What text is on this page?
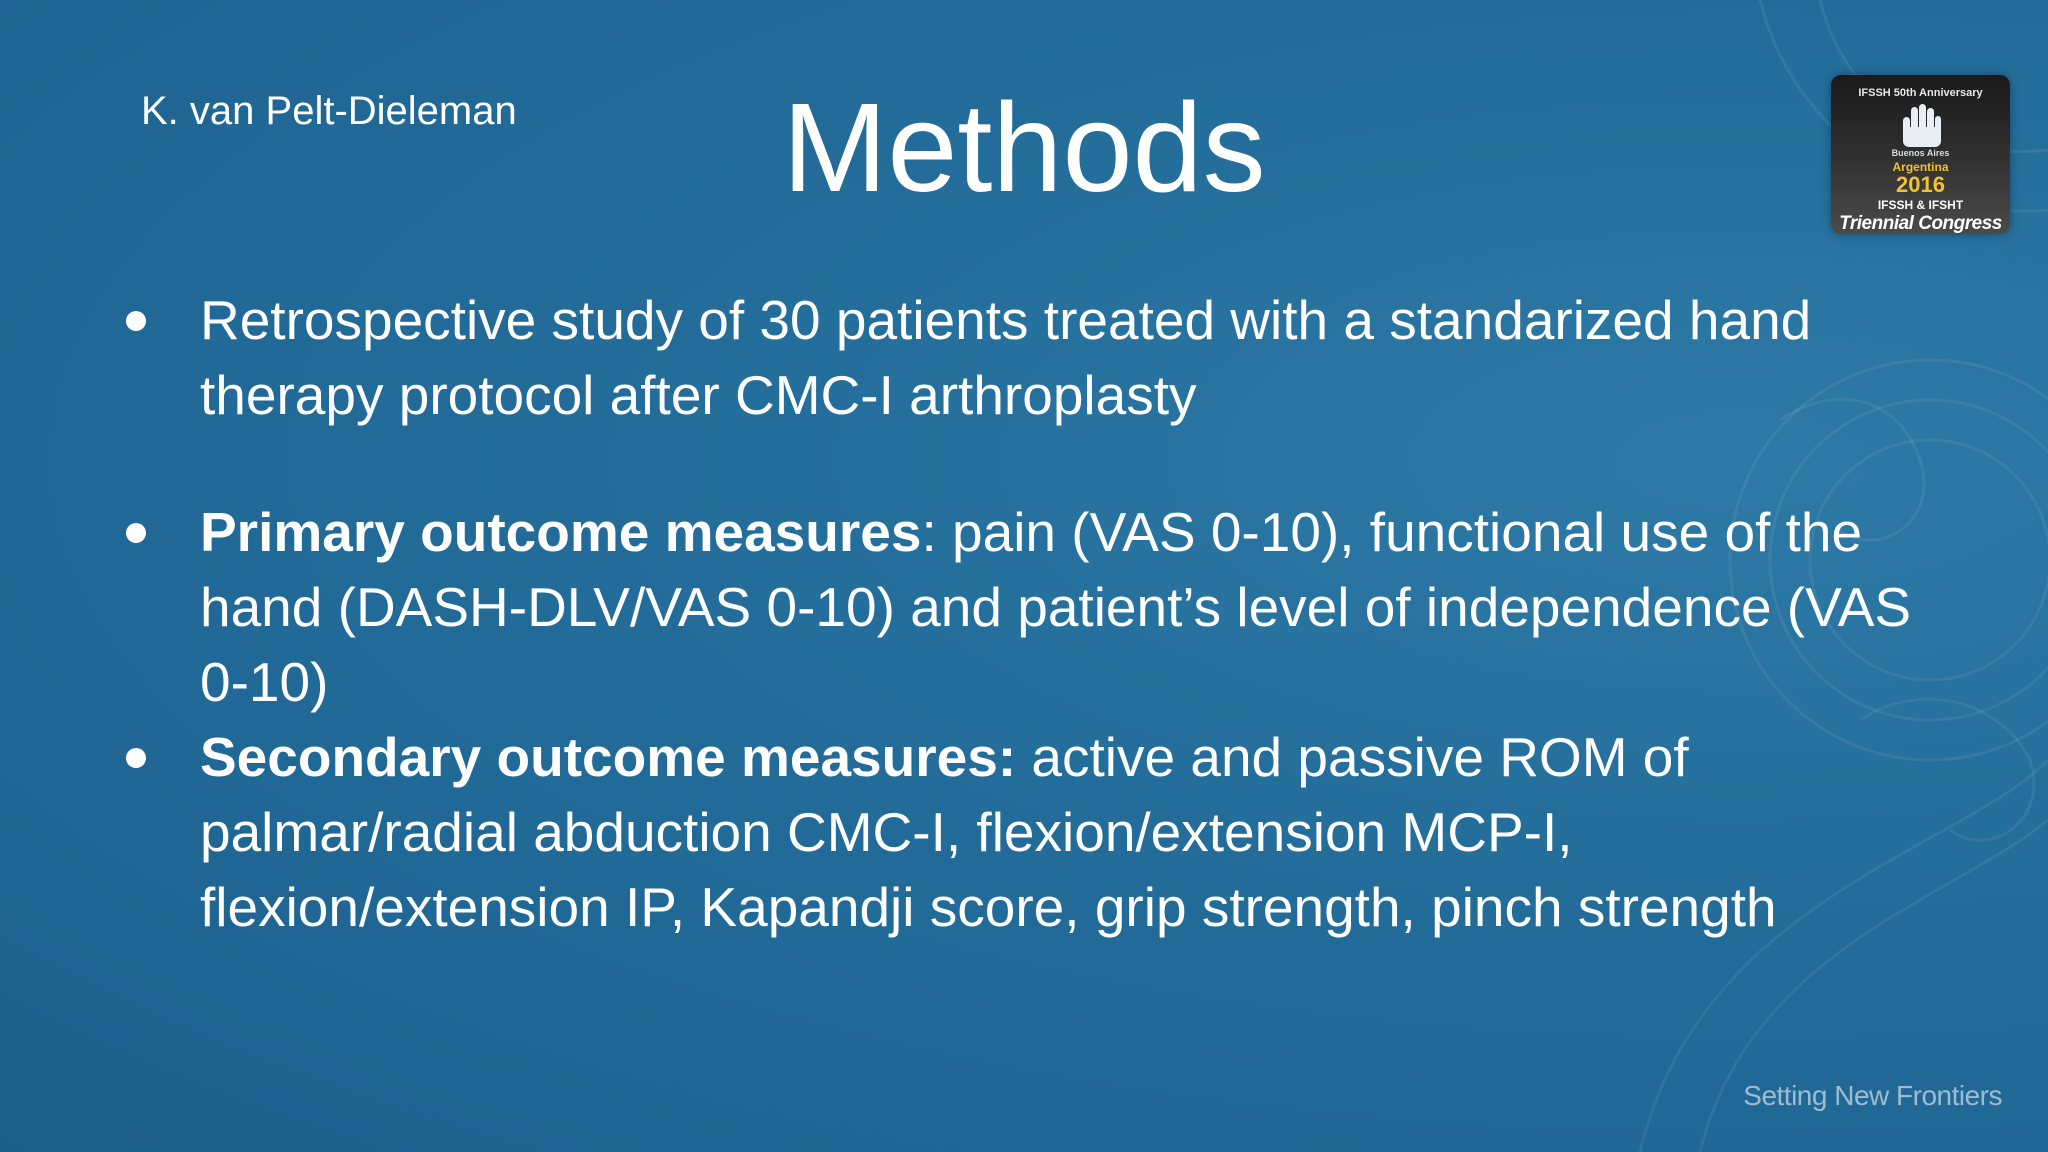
K. van Pelt-Dieleman	Methods	IFSSH 50th Anniversary
Buenos Aires
Argentina
2016
IFSSH & IFSHT
Triennial Congress
Retrospective study of 30 patients treated with a standarized hand therapy protocol after CMC-I arthroplasty
Primary outcome measures: pain (VAS 0-10), functional use of the hand (DASH-DLV/VAS 0-10) and patient’s level of independence (VAS 0-10)
Secondary outcome measures: active and passive ROM of palmar/radial abduction CMC-I, flexion/extension MCP-I, flexion/extension IP, Kapandji score, grip strength, pinch strength
Setting New Frontiers
